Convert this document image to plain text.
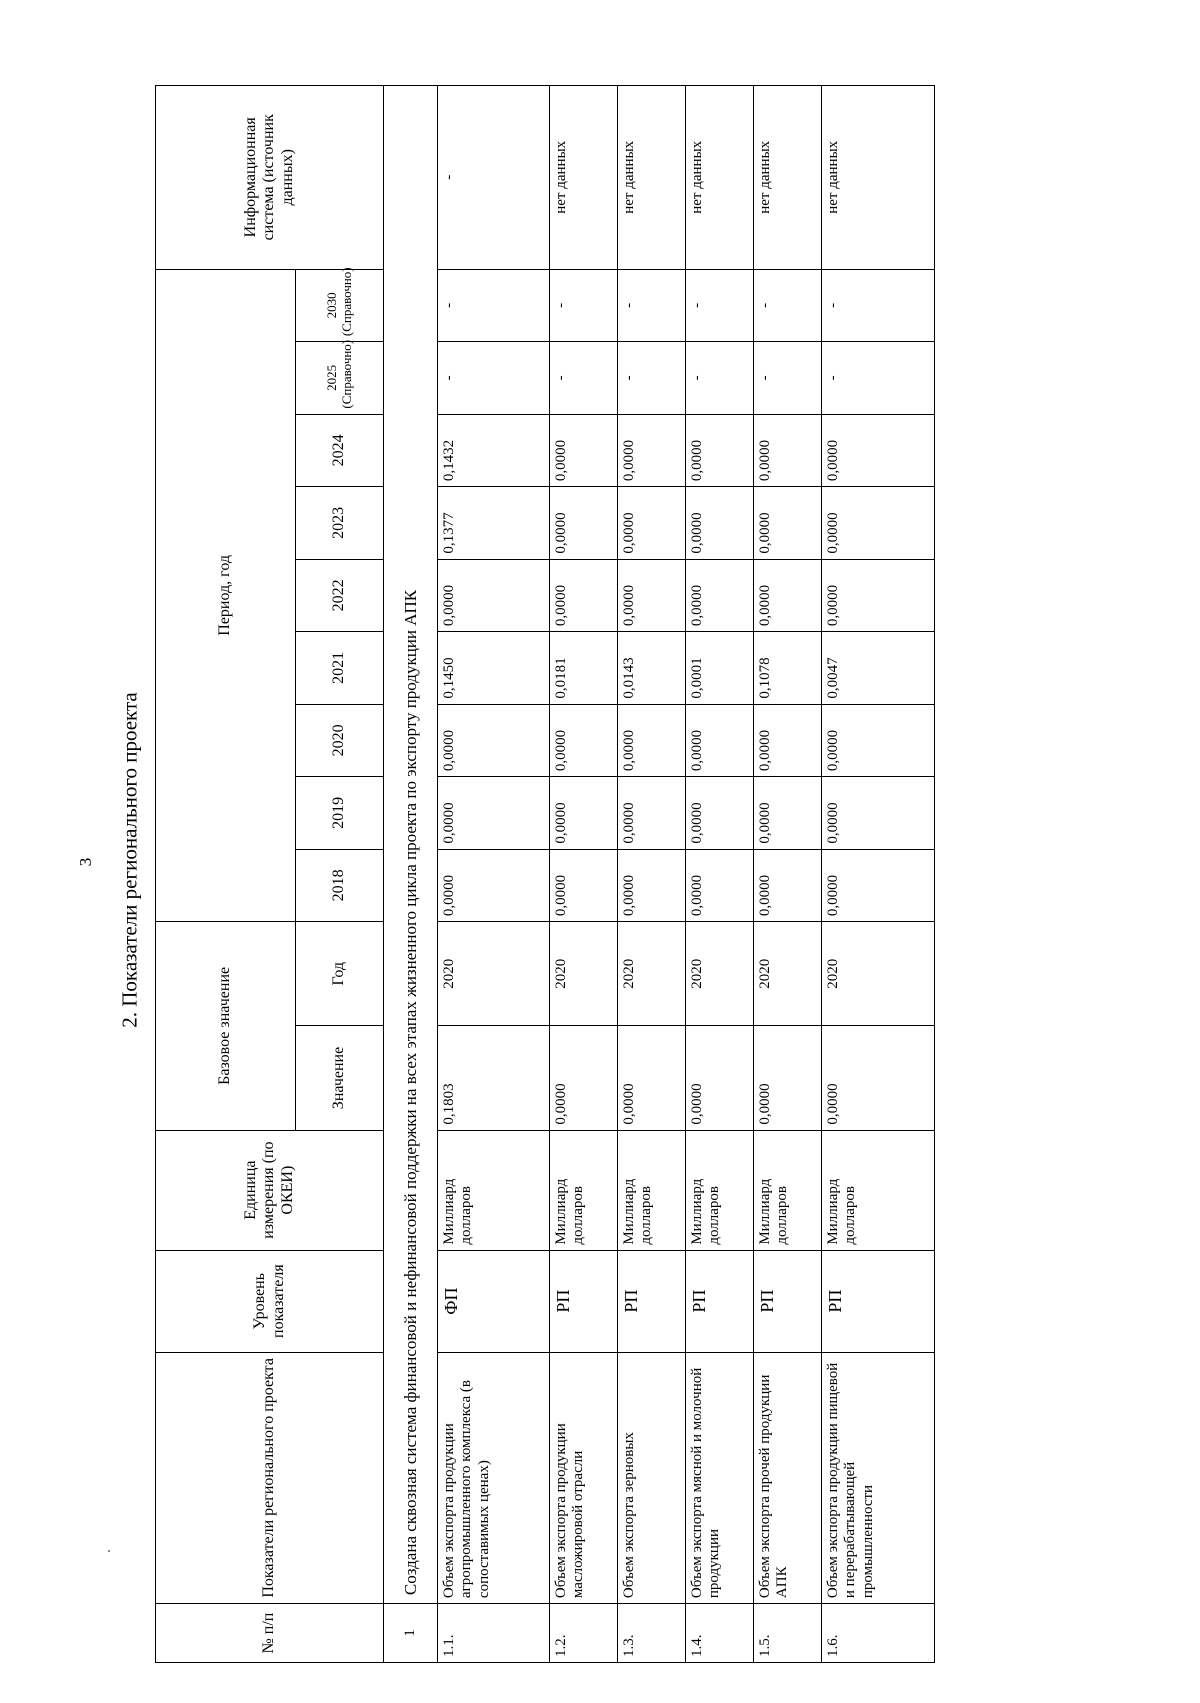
3 2. Показатели регионального проекта
№ п/п	Показатели регионального проекта	Уровень показателя	Единица измерения (по ОКЕИ)	Базовое значение		Период, год									Информационная система (источник данных)
				Значение	Год	2018	2019	2020	2021	2022	2023	2024	2025 (Справочно)	2030 (Справочно)	
1	Создана сквозная система финансовой и нефинансовой поддержки на всех этапах жизненного цикла проекта по экспорту продукции АПК														
1.1.	Объем экспорта продукции агропромышленного комплекса (в сопоставимых ценах)	ФП	Миллиард долларов	0,1803	2020	0,0000	0,0000	0,0000	0,1450	0,0000	0,1377	0,1432	-	-	-
1.2.	Объем экспорта продукции масложировой отрасли	РП	Миллиард долларов	0,0000	2020	0,0000	0,0000	0,0000	0,0181	0,0000	0,0000	0,0000	-	-	нет данных
1.3.	Объем экспорта зерновых	РП	Миллиард долларов	0,0000	2020	0,0000	0,0000	0,0000	0,0143	0,0000	0,0000	0,0000	-	-	нет данных
1.4.	Объем экспорта мясной и молочной продукции	РП	Миллиард долларов	0,0000	2020	0,0000	0,0000	0,0000	0,0001	0,0000	0,0000	0,0000	-	-	нет данных
1.5.	Объем экспорта прочей продукции АПК	РП	Миллиард долларов	0,0000	2020	0,0000	0,0000	0,0000	0,1078	0,0000	0,0000	0,0000	-	-	нет данных
1.6.	Объем экспорта продукции пищевой и перерабатывающей промышленности	РП	Миллиард долларов	0,0000	2020	0,0000	0,0000	0,0000	0,0047	0,0000	0,0000	0,0000	-	-	нет данных
